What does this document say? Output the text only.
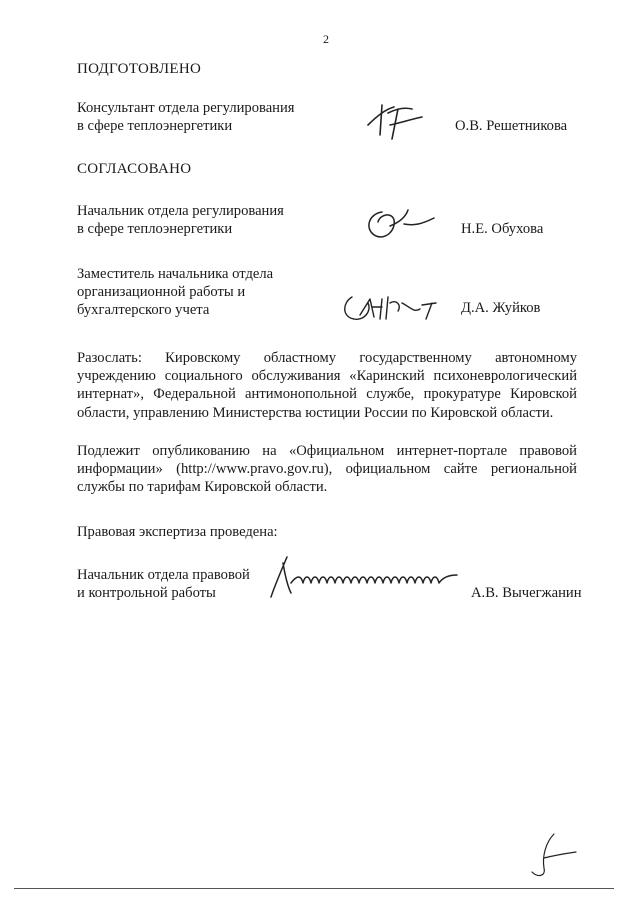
2
ПОДГОТОВЛЕНО
Консультант отдела регулирования
в сфере теплоэнергетики	О.В. Решетникова
СОГЛАСОВАНО
Начальник отдела регулирования
в сфере теплоэнергетики	Н.Е. Обухова
Заместитель начальника отдела
организационной работы и
бухгалтерского учета	Д.А. Жуйков
Разослать: Кировскому областному государственному автономному учреждению социального обслуживания «Каринский психоневрологический интернат», Федеральной антимонопольной службе, прокуратуре Кировской области, управлению Министерства юстиции России по Кировской области.
Подлежит опубликованию на «Официальном интернет-портале правовой информации» (http://www.pravo.gov.ru), официальном сайте региональной службы по тарифам Кировской области.
Правовая экспертиза проведена:
Начальник отдела правовой
и контрольной работы	А.В. Вычегжанин
